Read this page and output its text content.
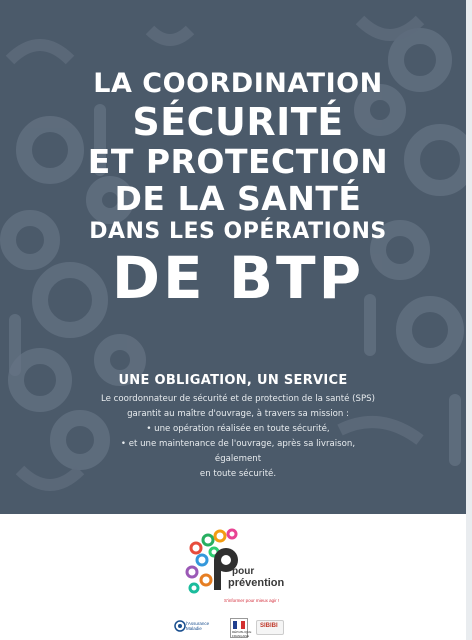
LA COORDINATION
SÉCURITÉ
ET PROTECTION
DE LA SANTÉ
DANS LES OPÉRATIONS
DE BTP
UNE OBLIGATION, UN SERVICE

Le coordonnateur de sécurité et de protection de la santé (SPS)

garantit au maître d'ouvrage, à travers sa mission :

• une opération réalisée en toute sécurité,

• et une maintenance de l'ouvrage, après sa livraison, également

en toute sécurité.

pour
prévention
S'informer pour mieux agir !
l'Assurance Maladie
RÉPUBLIQUE FRANÇAISE
SIBIBI
